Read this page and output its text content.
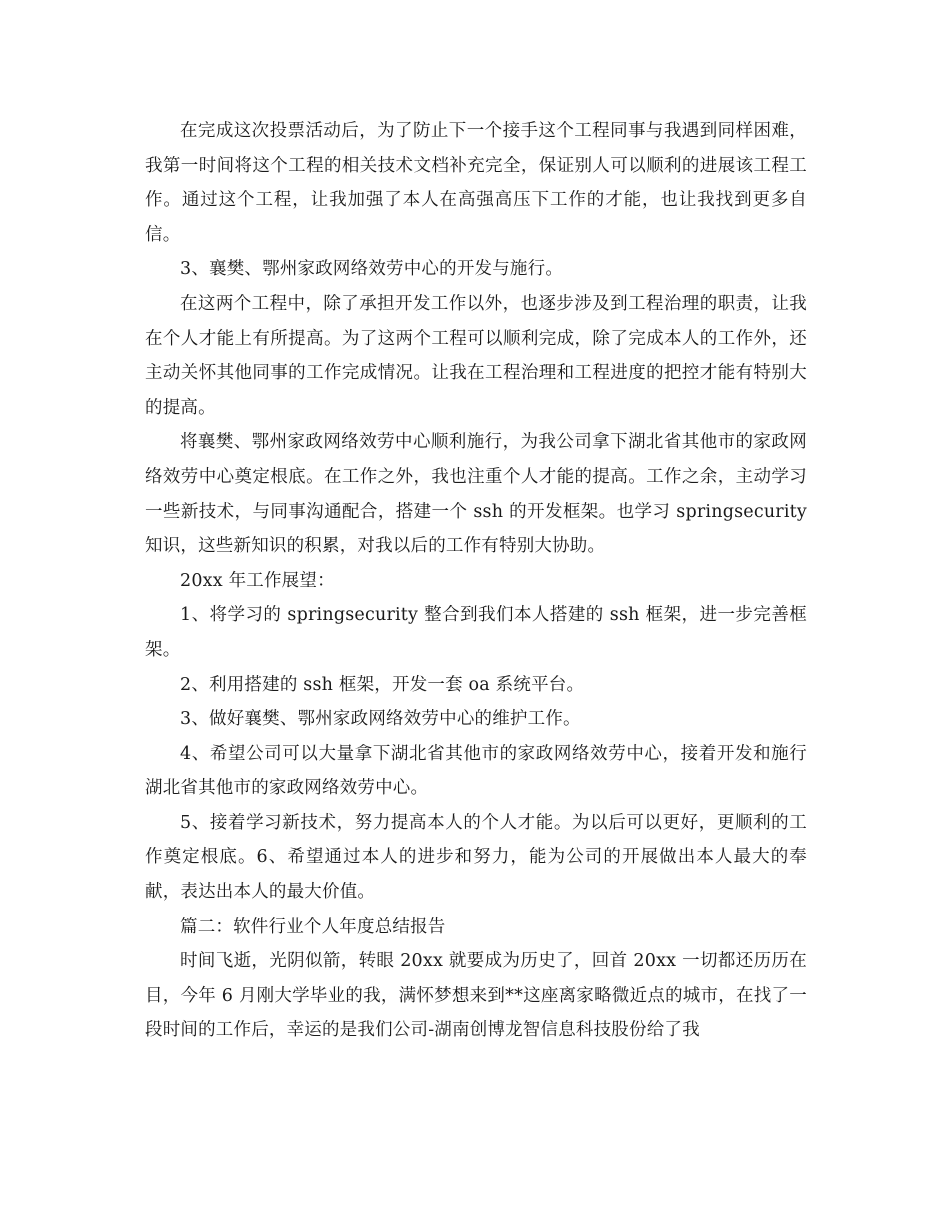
在完成这次投票活动后，为了防止下一个接手这个工程同事与我遇到同样困难，我第一时间将这个工程的相关技术文档补充完全，保证别人可以顺利的进展该工程工作。通过这个工程，让我加强了本人在高强高压下工作的才能，也让我找到更多自信。

3、襄樊、鄂州家政网络效劳中心的开发与施行。

在这两个工程中，除了承担开发工作以外，也逐步涉及到工程治理的职责，让我在个人才能上有所提高。为了这两个工程可以顺利完成，除了完成本人的工作外，还主动关怀其他同事的工作完成情况。让我在工程治理和工程进度的把控才能有特别大的提高。

将襄樊、鄂州家政网络效劳中心顺利施行，为我公司拿下湖北省其他市的家政网络效劳中心奠定根底。在工作之外，我也注重个人才能的提高。工作之余，主动学习一些新技术，与同事沟通配合，搭建一个 ssh 的开发框架。也学习 springsecurity 知识，这些新知识的积累，对我以后的工作有特别大协助。

20xx 年工作展望：

1、将学习的 springsecurity 整合到我们本人搭建的 ssh 框架，进一步完善框架。

2、利用搭建的 ssh 框架，开发一套 oa 系统平台。

3、做好襄樊、鄂州家政网络效劳中心的维护工作。

4、希望公司可以大量拿下湖北省其他市的家政网络效劳中心，接着开发和施行湖北省其他市的家政网络效劳中心。

5、接着学习新技术，努力提高本人的个人才能。为以后可以更好，更顺利的工作奠定根底。6、希望通过本人的进步和努力，能为公司的开展做出本人最大的奉献，表达出本人的最大价值。

篇二：软件行业个人年度总结报告

时间飞逝，光阴似箭，转眼 20xx 就要成为历史了，回首 20xx 一切都还历历在目，今年 6 月刚大学毕业的我，满怀梦想来到**这座离家略微近点的城市，在找了一段时间的工作后，幸运的是我们公司-湖南创博龙智信息科技股份给了我
